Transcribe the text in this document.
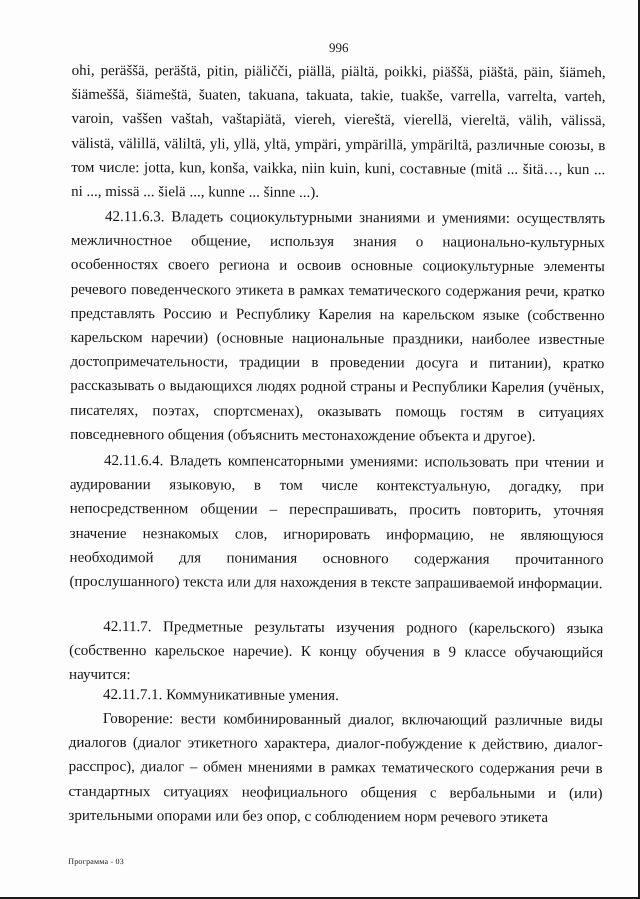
996

ohi, peräššä, peräštä, pitin, piäličči, piällä, piältä, poikki, piäššä, piäštä, päin, šiämeh, šiämeššä, šiämeštä, šuaten, takuana, takuata, takie, tuakše, varrella, varrelta, varteh, varoin, vaššen vaštah, vaštapiätä, viereh, viereštä, vierellä, viereltä, välih, välissä, välistä, välillä, väliltä, yli, yllä, yltä, ympäri, ympärillä, ympäriltä, различные союзы, в том числе: jotta, kun, konša, vaikka, niin kuin, kuni, составные (mitä ... šitä…, kun ... ni ..., missä ... šielä ..., kunne ... šinne ...).

42.11.6.3. Владеть социокультурными знаниями и умениями: осуществлять межличностное общение, используя знания о национально-культурных особенностях своего региона и освоив основные социокультурные элементы речевого поведенческого этикета в рамках тематического содержания речи, кратко представлять Россию и Республику Карелия на карельском языке (собственно карельском наречии) (основные национальные праздники, наиболее известные достопримечательности, традиции в проведении досуга и питании), кратко рассказывать о выдающихся людях родной страны и Республики Карелия (учёных, писателях, поэтах, спортсменах), оказывать помощь гостям в ситуациях повседневного общения (объяснить местонахождение объекта и другое).

42.11.6.4. Владеть компенсаторными умениями: использовать при чтении и аудировании языковую, в том числе контекстуальную, догадку, при непосредственном общении – переспрашивать, просить повторить, уточняя значение незнакомых слов, игнорировать информацию, не являющуюся необходимой для понимания основного содержания прочитанного (прослушанного) текста или для нахождения в тексте запрашиваемой информации.

42.11.7. Предметные результаты изучения родного (карельского) языка (собственно карельское наречие). К концу обучения в 9 классе обучающийся научится:

42.11.7.1. Коммуникативные умения.

Говорение: вести комбинированный диалог, включающий различные виды диалогов (диалог этикетного характера, диалог-побуждение к действию, диалог-расспрос), диалог – обмен мнениями в рамках тематического содержания речи в стандартных ситуациях неофициального общения с вербальными и (или) зрительными опорами или без опор, с соблюдением норм речевого этикета

Программа - 03
